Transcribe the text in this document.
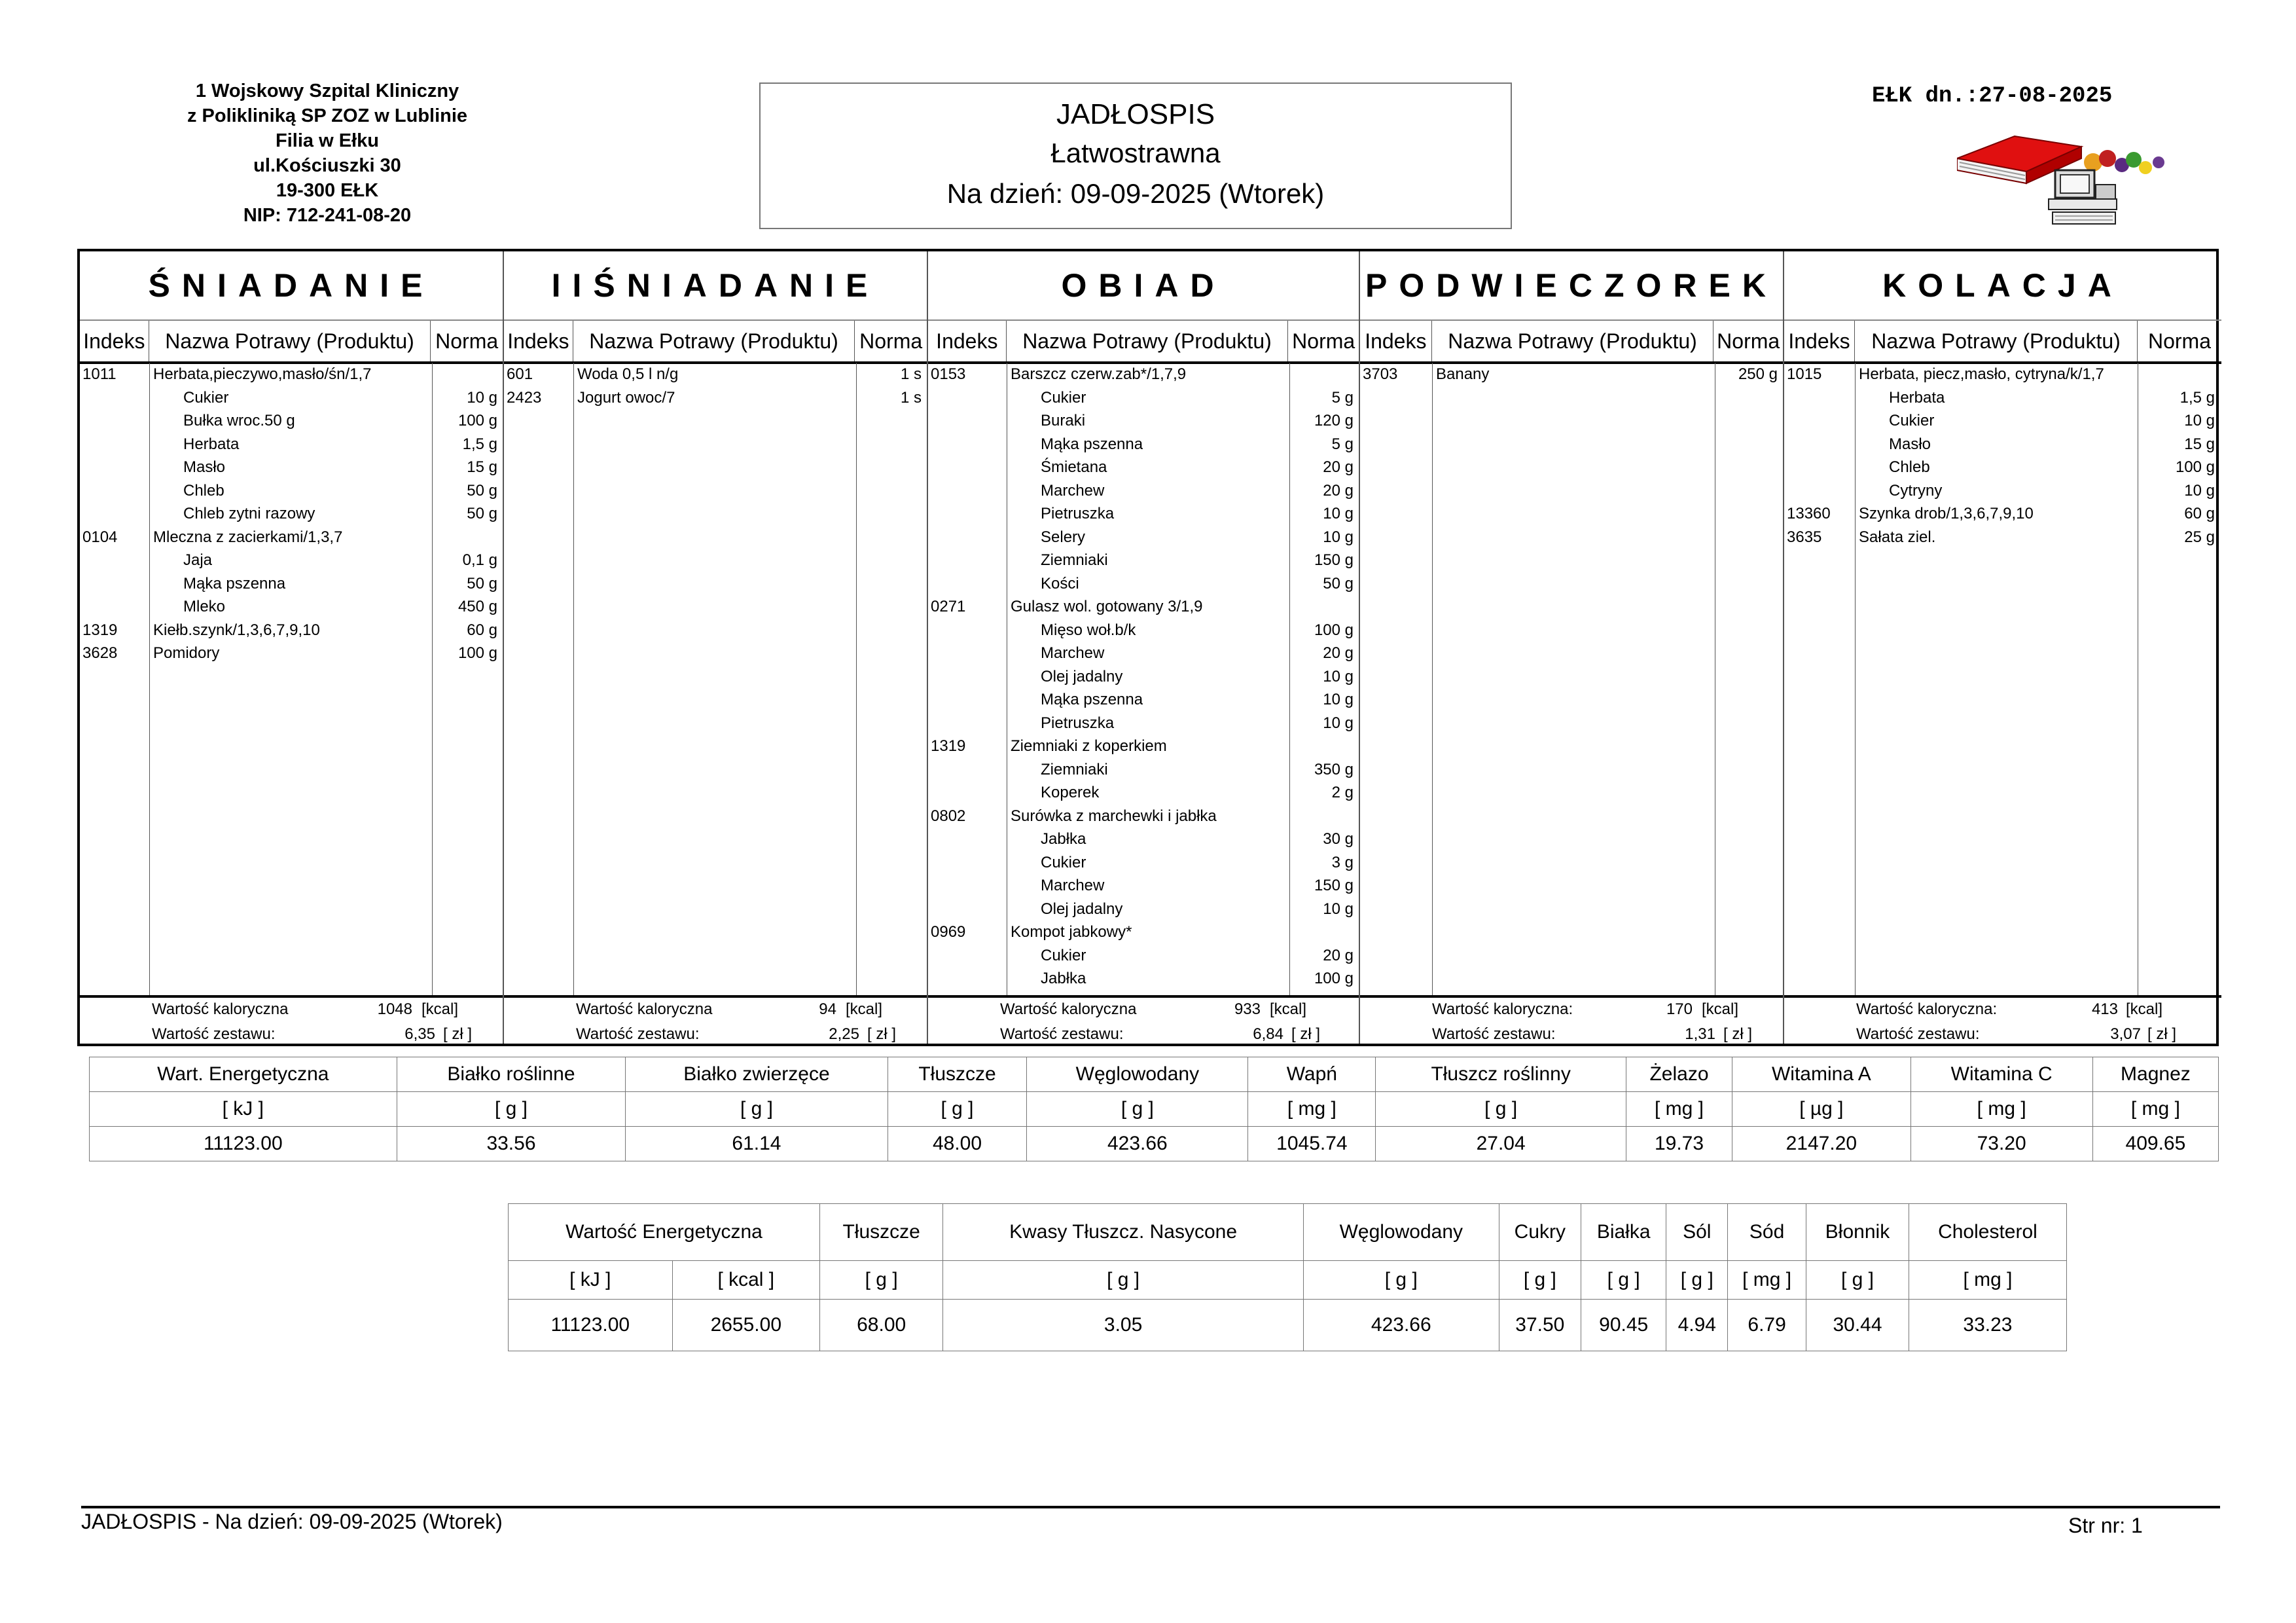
1 Wojskowy Szpital Kliniczny
z Polikliniką SP ZOZ w Lublinie
Filia w Ełku
ul.Kościuszki 30
19-300 EŁK
NIP: 712-241-08-20
JADŁOSPIS
Łatwostrawna
Na dzień: 09-09-2025 (Wtorek)
EŁK dn.:27-08-2025
ŚNIADANIE
Indeks Nazwa Potrawy (Produktu)	Norma
1011 Herbata,pieczywo,masło/śn/1,7
Cukier	10 g
Bułka wroc.50 g	100 g
Herbata	1,5 g
Masło	15 g
Chleb	50 g
Chleb zytni razowy	50 g
0104 Mleczna z zacierkami/1,3,7
Jaja	0,1 g
Mąka pszenna	50 g
Mleko	450 g
1319 Kiełb.szynk/1,3,6,7,9,10	60 g
3628 Pomidory	100 g
Wartość kaloryczna	1048 [kcal]
Wartość zestawu:	6,35 [ zł ]
IIŚNIADANIE
Indeks Nazwa Potrawy (Produktu)	Norma
601	Woda 0,5 l n/g	1 s
2423 Jogurt owoc/7	1 s
Wartość kaloryczna	94 [kcal]
Wartość zestawu:	2,25 [ zł ]
OBIAD
Indeks	Nazwa Potrawy (Produktu) Norma
0153	Barszcz czerw.zab*/1,7,9
Cukier	5 g
Buraki	120 g
Mąka pszenna	5 g
Śmietana	20 g
Marchew	20 g
Pietruszka	10 g
Selery	10 g
Ziemniaki	150 g
Kości	50 g
0271	Gulasz wol. gotowany 3/1,9
Mięso woł.b/k	100 g
Marchew	20 g
Olej jadalny	10 g
Mąka pszenna	10 g
Pietruszka	10 g
1319	Ziemniaki z koperkiem
Ziemniaki	350 g
Koperek	2 g
0802	Surówka z marchewki i jabłka
Jabłka	30 g
Cukier	3 g
Marchew	150 g
Olej jadalny	10 g
0969	Kompot jabkowy*
Cukier	20 g
Jabłka	100 g
Wartość kaloryczna	933 [kcal]
Wartość zestawu:	6,84 [ zł ]
PODWIECZOREK
Indeks	Nazwa Potrawy (Produktu) Norma
3703 Banany	250 g
Wartość kaloryczna:	170 [kcal]
Wartość zestawu:	1,31 [ zł ]
KOLACJA
Indeks	Nazwa Potrawy (Produktu)	Norma
1015 Herbata, piecz,masło, cytryna/k/1,7
Herbata	1,5 g
Cukier	10 g
Masło	15 g
Chleb	100 g
Cytryny	10 g
13360 Szynka drob/1,3,6,7,9,10	60 g
3635 Sałata ziel.	25 g
Wartość kaloryczna:	413 [kcal]
Wartość zestawu:	3,07 [ zł ]
Wart. Energetyczna	Białko roślinne	Białko zwierzęce	Tłuszcze	Węglowodany	Wapń	Tłuszcz roślinny	Żelazo	Witamina A	Witamina C	Magnez
[ kJ ]	[ g ]	[ g ]	[ g ]	[ g ]	[ mg ]	[ g ]	[ mg ]	[ µg ]	[ mg ]	[ mg ]
11123.00	33.56	61.14	48.00	423.66	1045.74	27.04	19.73	2147.20	73.20	409.65
Wartość Energetyczna		Tłuszcze	Kwasy Tłuszcz. Nasycone	Węglowodany	Cukry	Białka	Sól	Sód	Błonnik	Cholesterol
[ kJ ]	[ kcal ]	[ g ]	[ g ]	[ g ]	[ g ]	[ g ]	[ g ]	[ mg ]	[ g ]	[ mg ]
11123.00	2655.00	68.00	3.05	423.66	37.50	90.45	4.94	6.79	30.44	33.23
JADŁOSPIS - Na dzień: 09-09-2025 (Wtorek)	Str nr: 1
